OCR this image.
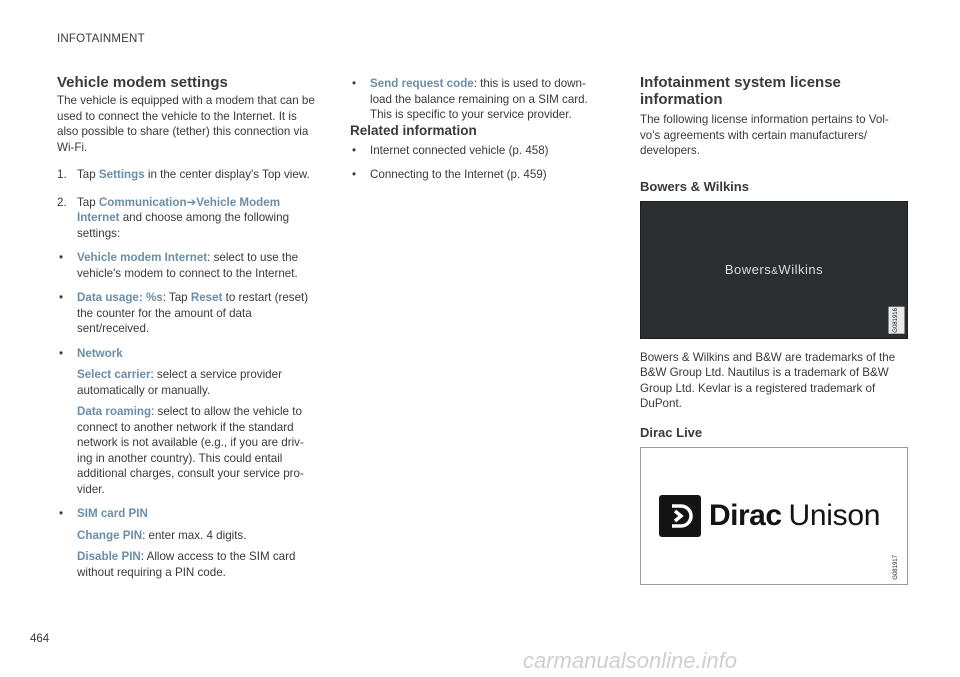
INFOTAINMENT
464
Vehicle modem settings

The vehicle is equipped with a modem that can be used to connect the vehicle to the Internet. It is also possible to share (tether) this connection via Wi-Fi.

1. Tap Settings in the center display's Top view.
2. Tap Communication➔Vehicle Modem Internet and choose among the following settings:
• Vehicle modem Internet: select to use the vehicle's modem to connect to the Internet.
• Data usage: %s: Tap Reset to restart (reset) the counter for the amount of data sent/received.
• Network
Select carrier: select a service provider automatically or manually.
Data roaming: select to allow the vehicle to connect to another network if the standard network is not available (e.g., if you are driv-ing in another country). This could entail additional charges, consult your service pro-vider.
• SIM card PIN
Change PIN: enter max. 4 digits.
Disable PIN: Allow access to the SIM card without requiring a PIN code.
• Send request code: this is used to down-load the balance remaining on a SIM card. This is specific to your service provider.
Related information
• Internet connected vehicle (p. 458)
• Connecting to the Internet (p. 459)
Infotainment system license information

The following license information pertains to Vol-vo's agreements with certain manufacturers/ developers.

Bowers & Wilkins
Bowers&Wilkins
G081916

Bowers & Wilkins and B&W are trademarks of the B&W Group Ltd. Nautilus is a trademark of B&W Group Ltd. Kevlar is a registered trademark of DuPont.

Dirac Live
Dirac Unison
G081917
carmanualsonline.info
